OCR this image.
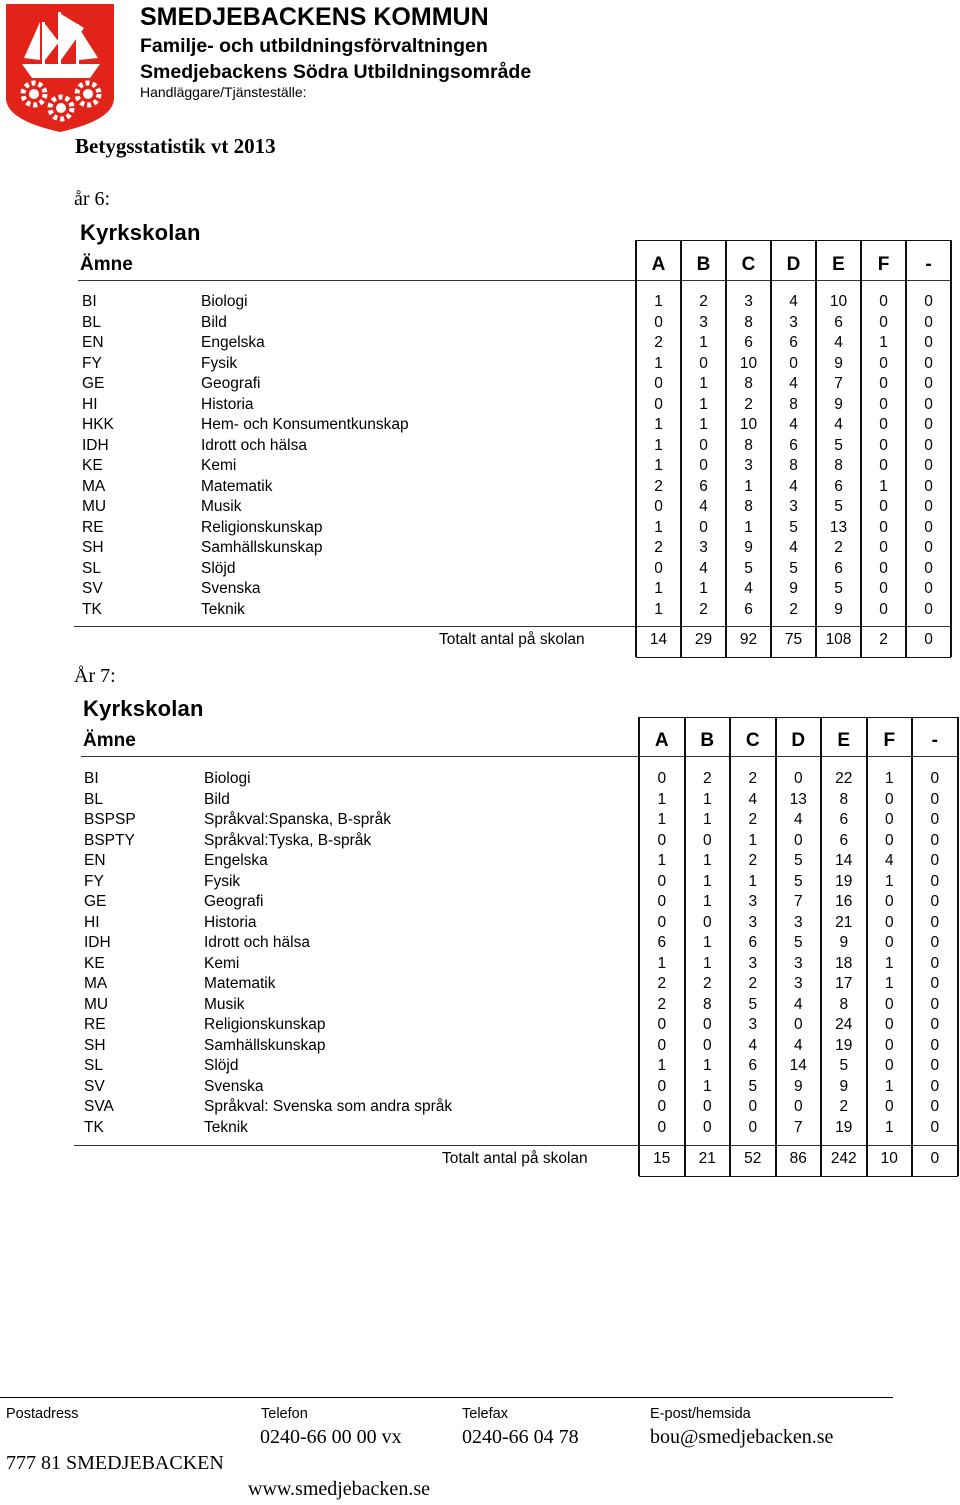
SMEDJEBACKENS KOMMUN
Familje- och utbildningsförvaltningen
Smedjebackens Södra Utbildningsområde
Handläggare/Tjänsteställe:
Betygsstatistik vt 2013
år 6:
Kyrkskolan
Ämne	A	B	C	D	E	F	-
BI	Biologi	1	2	3	4	10	0	0
BL	Bild	0	3	8	3	6	0	0
EN	Engelska	2	1	6	6	4	1	0
FY	Fysik	1	0	10	0	9	0	0
GE	Geografi	0	1	8	4	7	0	0
HI	Historia	0	1	2	8	9	0	0
HKK	Hem- och Konsumentkunskap	1	1	10	4	4	0	0
IDH	Idrott och hälsa	1	0	8	6	5	0	0
KE	Kemi	1	0	3	8	8	0	0
MA	Matematik	2	6	1	4	6	1	0
MU	Musik	0	4	8	3	5	0	0
RE	Religionskunskap	1	0	1	5	13	0	0
SH	Samhällskunskap	2	3	9	4	2	0	0
SL	Slöjd	0	4	5	5	6	0	0
SV	Svenska	1	1	4	9	5	0	0
TK	Teknik	1	2	6	2	9	0	0
Totalt antal på skolan	14	29	92	75	108	2	0
År 7:
Kyrkskolan
Ämne	A	B	C	D	E	F	-
BI	Biologi	0	2	2	0	22	1	0
BL	Bild	1	1	4	13	8	0	0
BSPSP	Språkval:Spanska, B-språk	1	1	2	4	6	0	0
BSPTY	Språkval:Tyska, B-språk	0	0	1	0	6	0	0
EN	Engelska	1	1	2	5	14	4	0
FY	Fysik	0	1	1	5	19	1	0
GE	Geografi	0	1	3	7	16	0	0
HI	Historia	0	0	3	3	21	0	0
IDH	Idrott och hälsa	6	1	6	5	9	0	0
KE	Kemi	1	1	3	3	18	1	0
MA	Matematik	2	2	2	3	17	1	0
MU	Musik	2	8	5	4	8	0	0
RE	Religionskunskap	0	0	3	0	24	0	0
SH	Samhällskunskap	0	0	4	4	19	0	0
SL	Slöjd	1	1	6	14	5	0	0
SV	Svenska	0	1	5	9	9	1	0
SVA	Språkval: Svenska som andra språk	0	0	0	0	2	0	0
TK	Teknik	0	0	0	7	19	1	0
Totalt antal på skolan	15	21	52	86	242	10	0
Postadress	Telefon	Telefax	E-post/hemsida
0240-66 00 00 vx	0240-66 04 78	bou@smedjebacken.se
777 81 SMEDJEBACKEN
www.smedjebacken.se
